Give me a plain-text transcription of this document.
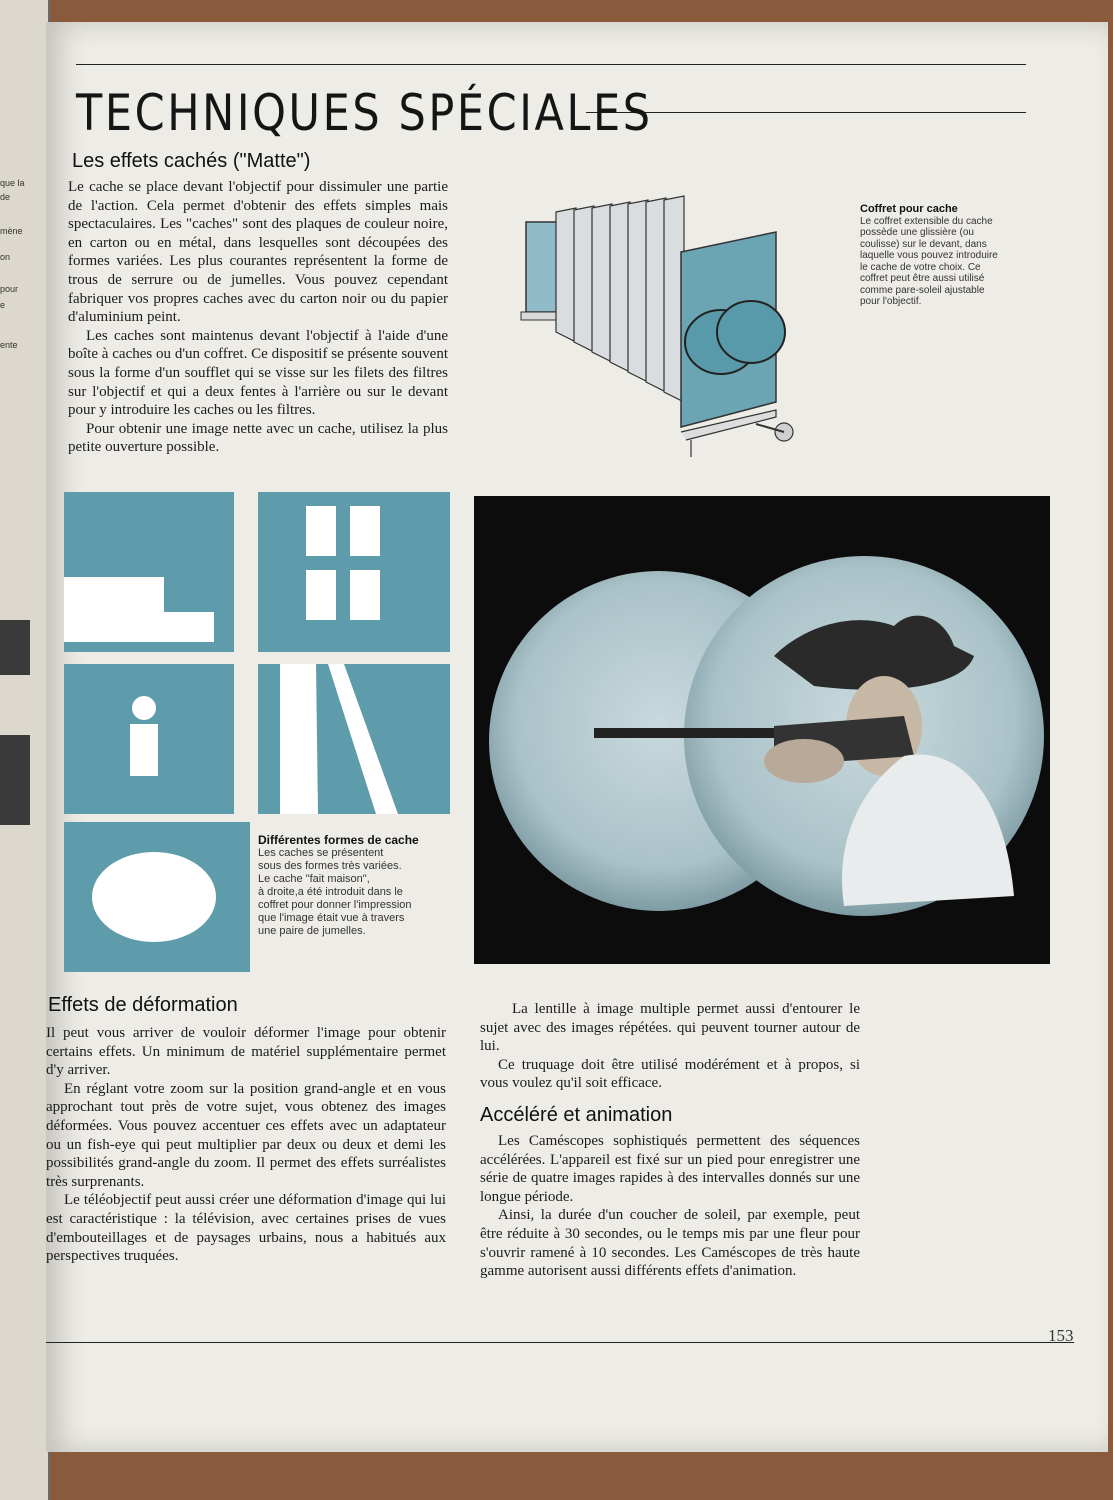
que la
de
mène
on
pour
e
ente
TECHNIQUES SPÉCIALES
Les effets cachés ("Matte")

Le cache se place devant l'objectif pour dissimuler une partie de l'action. Cela permet d'obtenir des effets simples mais spectaculaires. Les "caches" sont des plaques de couleur noire, en carton ou en métal, dans lesquelles sont découpées des formes variées. Les plus courantes représentent la forme de trous de serrure ou de jumelles. Vous pouvez cependant fabriquer vos propres caches avec du carton noir ou du papier d'aluminium peint.

Les caches sont maintenus devant l'objectif à l'aide d'une boîte à caches ou d'un coffret. Ce dispositif se présente souvent sous la forme d'un soufflet qui se visse sur les filets des filtres sur l'objectif et qui a deux fentes à l'arrière ou sur le devant pour y introduire les caches ou les filtres.

Pour obtenir une image nette avec un cache, utilisez la plus petite ouverture possible.

Coffret pour cache
Le coffret extensible du cache
possède une glissière (ou
coulisse) sur le devant, dans
laquelle vous pouvez introduire
le cache de votre choix. Ce
coffret peut être aussi utilisé
comme pare-soleil ajustable
pour l'objectif.
Différentes formes de cache
Les caches se présentent
sous des formes très variées.
Le cache "fait maison",
à droite,a été introduit dans le
coffret pour donner l'impression
que l'image était vue à travers
une paire de jumelles.
Effets de déformation

Il peut vous arriver de vouloir déformer l'image pour obtenir certains effets. Un minimum de matériel supplémentaire permet d'y arriver.

En réglant votre zoom sur la position grand-angle et en vous approchant tout près de votre sujet, vous obtenez des images déformées. Vous pouvez accentuer ces effets avec un adaptateur ou un fish-eye qui peut multiplier par deux ou deux et demi les possibilités grand-angle du zoom. Il permet des effets surréalistes très surprenants.

Le téléobjectif peut aussi créer une déformation d'image qui lui est caractéristique : la télévision, avec certaines prises de vues d'embouteillages et de paysages urbains, nous a habitués aux perspectives truquées.

La lentille à image multiple permet aussi d'entourer le sujet avec des images répétées. qui peuvent tourner autour de lui.

Ce truquage doit être utilisé modérément et à propos, si vous voulez qu'il soit efficace.

Accéléré et animation

Les Caméscopes sophistiqués permettent des séquences accélérées. L'appareil est fixé sur un pied pour enregistrer une série de quatre images rapides à des intervalles donnés sur une longue période.

Ainsi, la durée d'un coucher de soleil, par exemple, peut être réduite à 30 secondes, ou le temps mis par une fleur pour s'ouvrir ramené à 10 secondes. Les Caméscopes de très haute gamme autorisent aussi différents effets d'animation.

153
